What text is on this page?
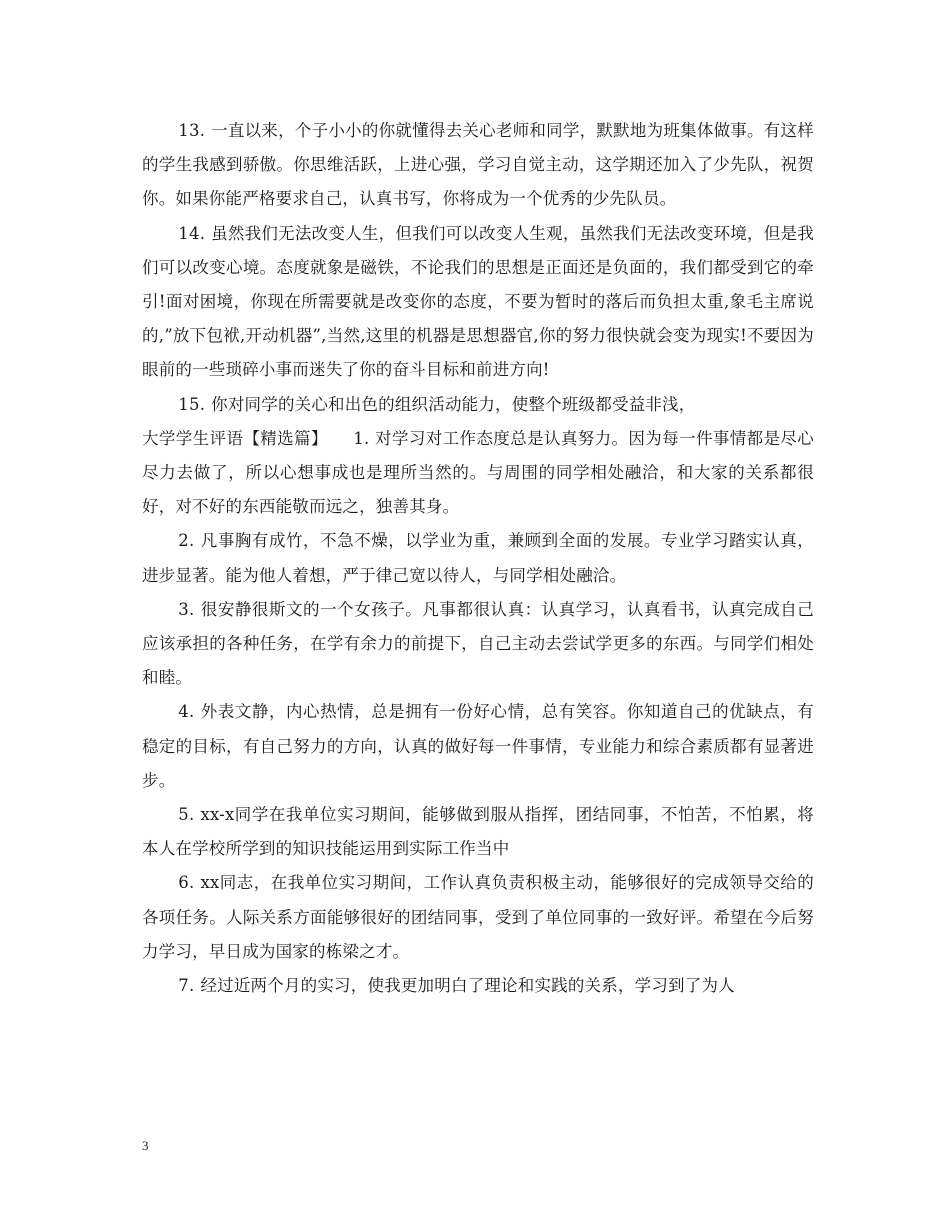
13. 一直以来，个子小小的你就懂得去关心老师和同学，默默地为班集体做事。有这样的学生我感到骄傲。你思维活跃，上进心强，学习自觉主动，这学期还加入了少先队，祝贺你。如果你能严格要求自己，认真书写，你将成为一个优秀的少先队员。

14. 虽然我们无法改变人生，但我们可以改变人生观，虽然我们无法改变环境，但是我们可以改变心境。态度就象是磁铁，不论我们的思想是正面还是负面的，我们都受到它的牵引!面对困境，你现在所需要就是改变你的态度，不要为暂时的落后而负担太重,象毛主席说的,”放下包袱,开动机器”,当然,这里的机器是思想器官,你的努力很快就会变为现实!不要因为眼前的一些琐碎小事而迷失了你的奋斗目标和前进方向!

15. 你对同学的关心和出色的组织活动能力，使整个班级都受益非浅，

大学学生评语【精选篇】　　1. 对学习对工作态度总是认真努力。因为每一件事情都是尽心尽力去做了，所以心想事成也是理所当然的。与周围的同学相处融洽，和大家的关系都很好，对不好的东西能敬而远之，独善其身。

2. 凡事胸有成竹，不急不燥，以学业为重，兼顾到全面的发展。专业学习踏实认真，进步显著。能为他人着想，严于律己宽以待人，与同学相处融洽。

3. 很安静很斯文的一个女孩子。凡事都很认真：认真学习，认真看书，认真完成自己应该承担的各种任务，在学有余力的前提下，自己主动去尝试学更多的东西。与同学们相处和睦。

4. 外表文静，内心热情，总是拥有一份好心情，总有笑容。你知道自己的优缺点，有稳定的目标，有自己努力的方向，认真的做好每一件事情，专业能力和综合素质都有显著进步。

5. xx-x同学在我单位实习期间，能够做到服从指挥，团结同事，不怕苦，不怕累，将本人在学校所学到的知识技能运用到实际工作当中

6. xx同志，在我单位实习期间，工作认真负责积极主动，能够很好的完成领导交给的各项任务。人际关系方面能够很好的团结同事，受到了单位同事的一致好评。希望在今后努力学习，早日成为国家的栋梁之才。

7. 经过近两个月的实习，使我更加明白了理论和实践的关系，学习到了为人

3
